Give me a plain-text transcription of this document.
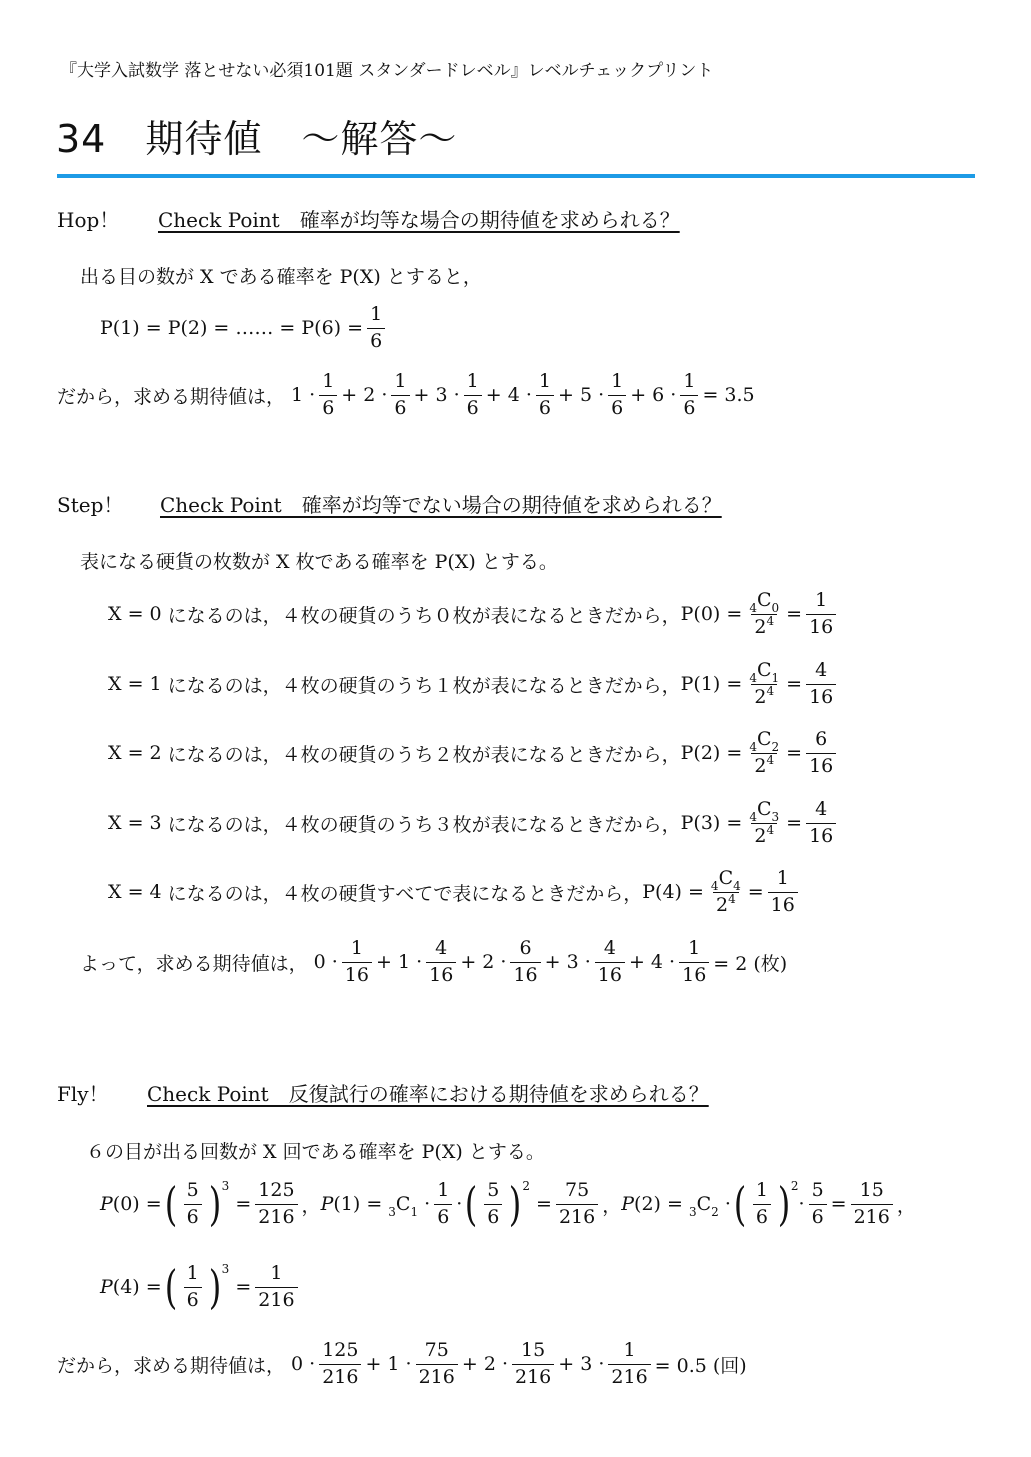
『大学入試数学 落とせない必須101題 スタンダードレベル』レベルチェックプリント
34　期待値　〜解答〜
Hop！ Check Point　確率が均等な場合の期待値を求められる？
出る目の数が X である確率を P(X) とすると，
P(1) = P(2) = …… = $P(6) = \frac{1}{6}$
だから，求める期待値は， $1 \cdot \frac{1}{6} + 2 \cdot \frac{1}{6} + 3 \cdot \frac{1}{6} + 4 \cdot \frac{1}{6} + 5 \cdot \frac{1}{6} + 6 \cdot \frac{1}{6} = 3.5$
Step！ Check Point　確率が均等でない場合の期待値を求められる？
表になる硬貨の枚数が X 枚である確率を P(X) とする。
X = 0 になるのは，４枚の硬貨のうち０枚が表になるときだから， $P(0) = \frac{_4C_0}{2^4} = \frac{1}{16}$
X = 1 になるのは，４枚の硬貨のうち１枚が表になるときだから， $P(1) = \frac{_4C_1}{2^4} = \frac{4}{16}$
X = 2 になるのは，４枚の硬貨のうち２枚が表になるときだから， $P(2) = \frac{_4C_2}{2^4} = \frac{6}{16}$
X = 3 になるのは，４枚の硬貨のうち３枚が表になるときだから， $P(3) = \frac{_4C_3}{2^4} = \frac{4}{16}$
X = 4 になるのは，４枚の硬貨すべてで表になるときだから， $P(4) = \frac{_4C_4}{2^4} = \frac{1}{16}$
よって，求める期待値は， $0 \cdot \frac{1}{16} + 1 \cdot \frac{4}{16} + 2 \cdot \frac{6}{16} + 3 \cdot \frac{4}{16} + 4 \cdot \frac{1}{16} = 2$ (枚)
Fly！ Check Point　反復試行の確率における期待値を求められる？
６の目が出る回数が X 回である確率を P(X) とする。
P(0) = ( $\frac{5}{6}$ ) 3
= $\frac{125}{216}$ ， $P(1) = _3C_1 \cdot \frac{1}{6}$ · ( $\frac{5}{6}$ ) 2
= $\frac{75}{216}$ ， $P(2) = _3C_2$ · ( $\frac{1}{6}$ ) 2
· $\frac{5}{6} = \frac{15}{216}$ ，
P(4) = ( $\frac{1}{6}$ ) 3
= $\frac{1}{216}$
だから，求める期待値は， $0 \cdot \frac{125}{216} + 1 \cdot \frac{75}{216} + 2 \cdot \frac{15}{216} + 3 \cdot \frac{1}{216} = 0.5$ (回)
